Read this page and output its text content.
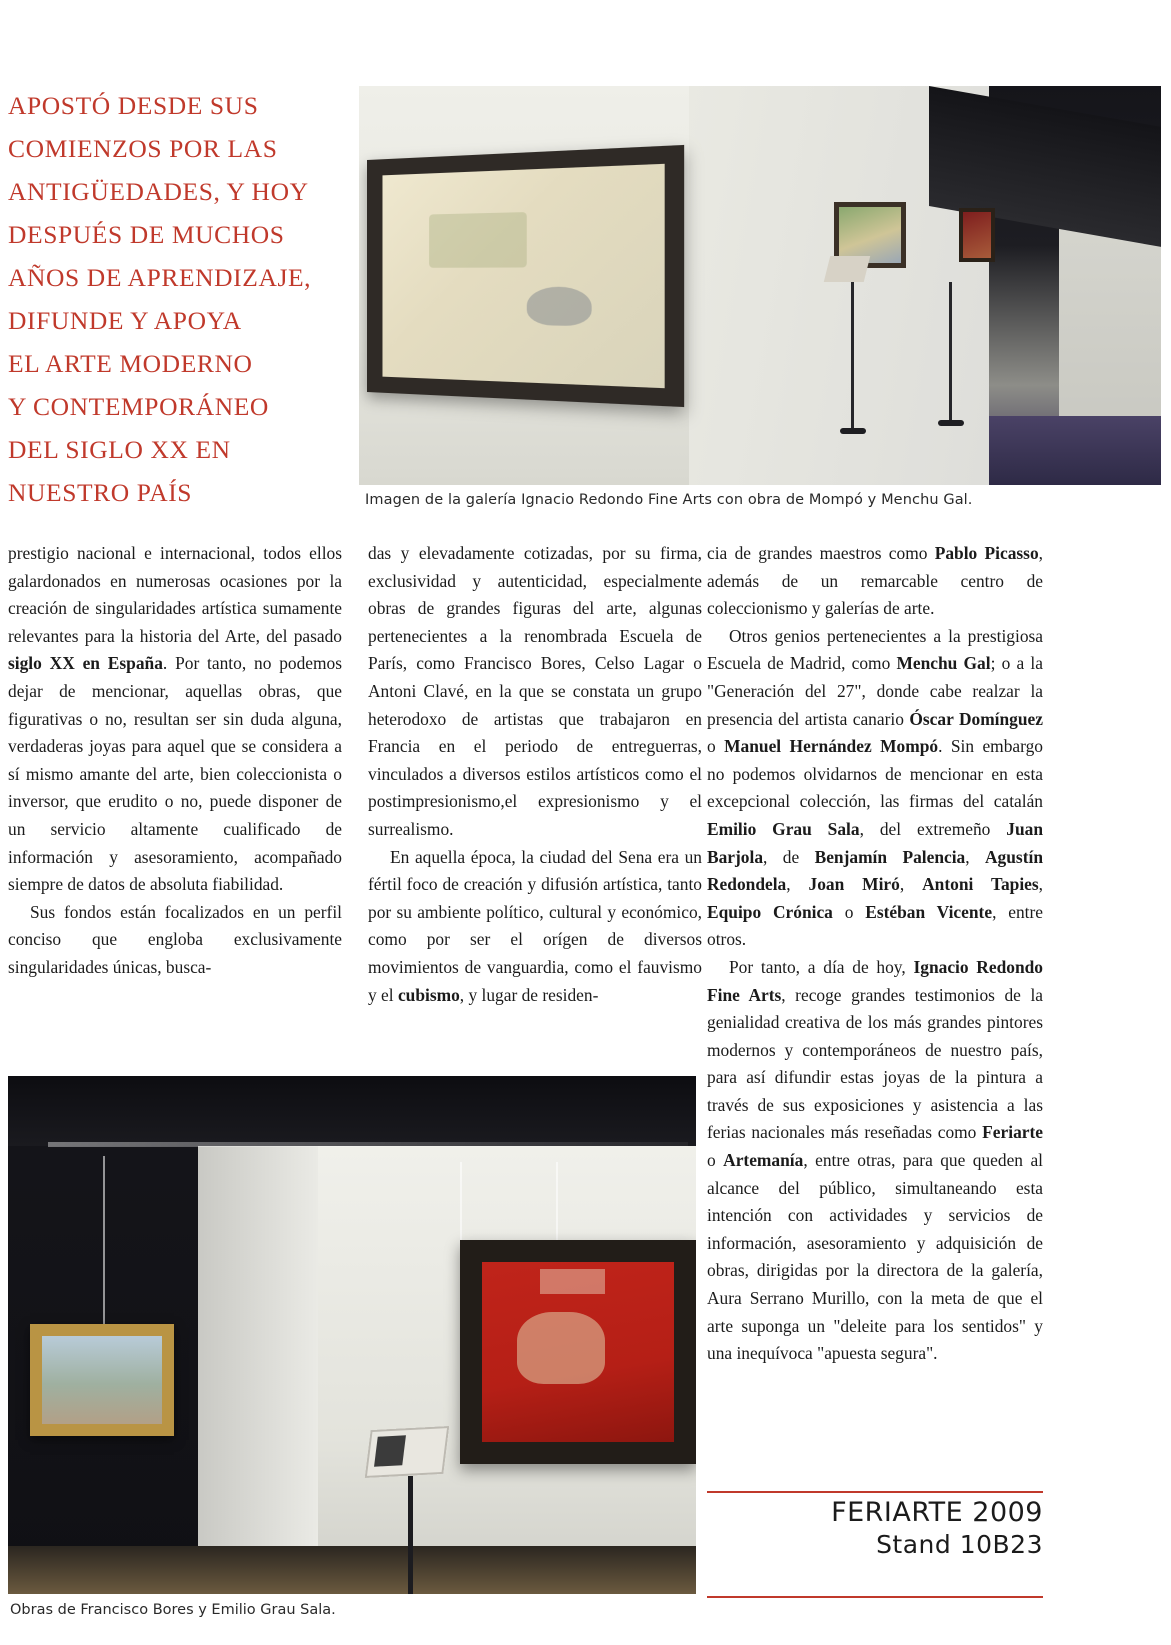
APOSTÓ DESDE SUS
COMIENZOS POR LAS
ANTIGÜEDADES, Y HOY
DESPUÉS DE MUCHOS
AÑOS DE APRENDIZAJE,
DIFUNDE Y APOYA
EL ARTE MODERNO
Y CONTEMPORÁNEO
DEL SIGLO XX EN
NUESTRO PAÍS	Imagen de la galería Ignacio Redondo Fine Arts con obra de Mompó y Menchu Gal.

prestigio nacional e internacional, todos ellos galardonados en numerosas ocasiones por la creación de singularidades artística sumamente relevantes para la historia del Arte, del pasado siglo XX en España. Por tanto, no podemos dejar de mencionar, aquellas obras, que figurativas o no, resultan ser sin duda alguna, verdaderas joyas para aquel que se considera a sí mismo amante del arte, bien coleccionista o inversor, que erudito o no, puede disponer de un servicio altamente cualificado de información y asesoramiento, acompañado siempre de datos de absoluta fiabilidad.

Sus fondos están focalizados en un perfil conciso que engloba exclusivamente singularidades únicas, busca-

das y elevadamente cotizadas, por su firma, exclusividad y autenticidad, especialmente obras de grandes figuras del arte, algunas pertenecientes a la renombrada Escuela de París, como Francisco Bores, Celso Lagar o Antoni Clavé, en la que se constata un grupo heterodoxo de artistas que trabajaron en Francia en el periodo de entreguerras, vinculados a diversos estilos artísticos como el postimpresionismo,el expresionismo y el surrealismo.

En aquella época, la ciudad del Sena era un fértil foco de creación y difusión artística, tanto por su ambiente político, cultural y económico, como por ser el orígen de diversos movimientos de vanguardia, como el fauvismo y el cubismo, y lugar de residen-

cia de grandes maestros como Pablo Picasso, además de un remarcable centro de coleccionismo y galerías de arte.

Otros genios pertenecientes a la prestigiosa Escuela de Madrid, como Menchu Gal; o a la "Generación del 27", donde cabe realzar la presencia del artista canario Óscar Domínguez o Manuel Hernández Mompó. Sin embargo no podemos olvidarnos de mencionar en esta excepcional colección, las firmas del catalán Emilio Grau Sala, del extremeño Juan Barjola, de Benjamín Palencia, Agustín Redondela, Joan Miró, Antoni Tapies, Equipo Crónica o Estéban Vicente, entre otros.

Por tanto, a día de hoy, Ignacio Redondo Fine Arts, recoge grandes testimonios de la genialidad creativa de los más grandes pintores modernos y contemporáneos de nuestro país, para así difundir estas joyas de la pintura a través de sus exposiciones y asistencia a las ferias nacionales más reseñadas como Feriarte o Artemanía, entre otras, para que queden al alcance del público, simultaneando esta intención con actividades y servicios de información, asesoramiento y adquisición de obras, dirigidas por la directora de la galería, Aura Serrano Murillo, con la meta de que el arte suponga un "deleite para los sentidos" y una inequívoca "apuesta segura".

Obras de Francisco Bores y Emilio Grau Sala.
FERIARTE 2009
Stand 10B23
